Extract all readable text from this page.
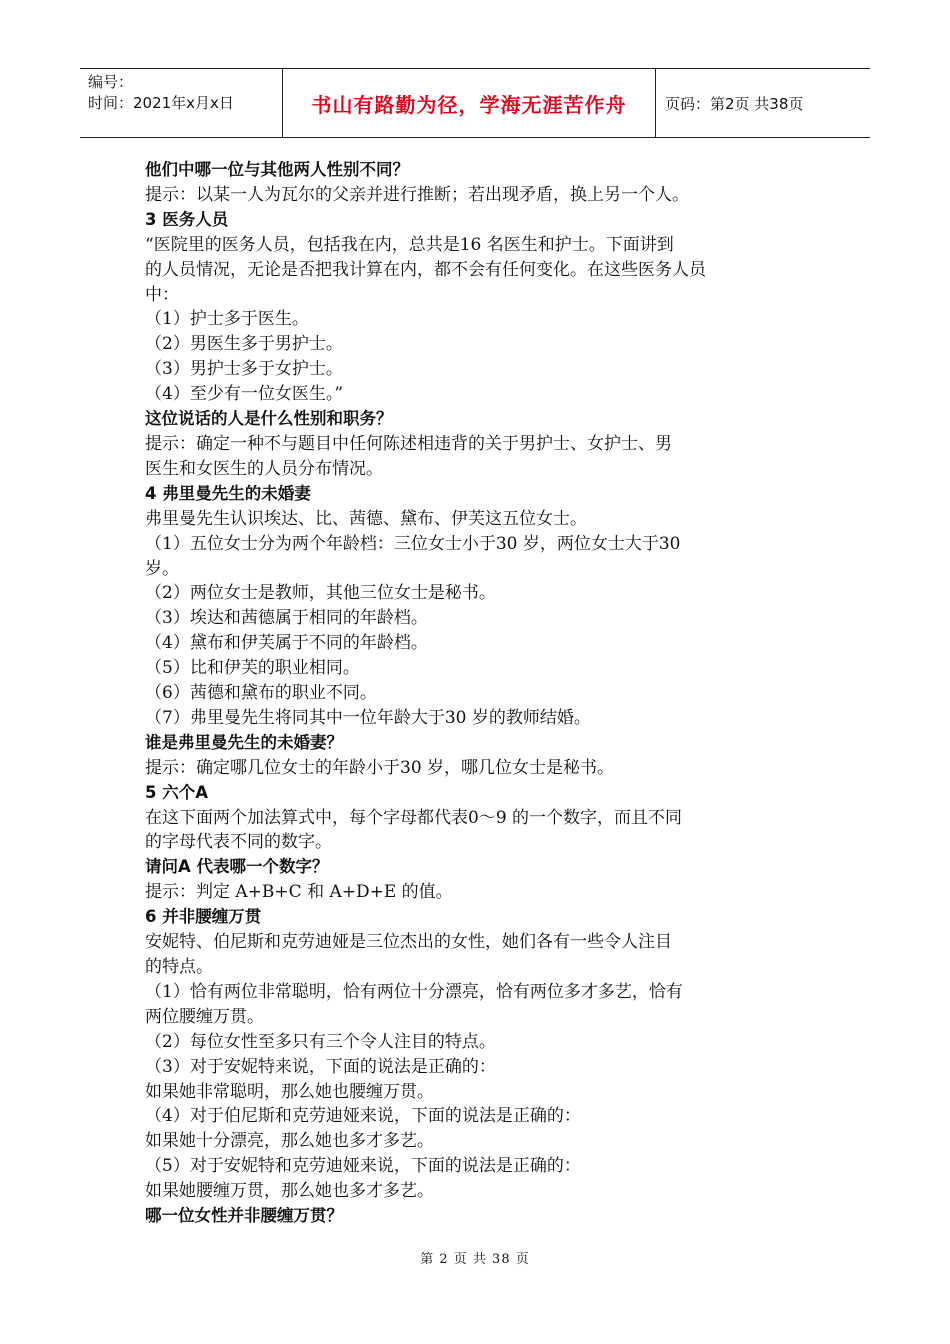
编号：
时间：2021年x月x日	书山有路勤为径，学海无涯苦作舟	页码：第2页 共38页
他们中哪一位与其他两人性别不同？
提示：以某一人为瓦尔的父亲并进行推断；若出现矛盾，换上另一个人。
3 医务人员
“医院里的医务人员，包括我在内，总共是16 名医生和护士。下面讲到
的人员情况，无论是否把我计算在内，都不会有任何变化。在这些医务人员
中：
（1）护士多于医生。
（2）男医生多于男护士。
（3）男护士多于女护士。
（4）至少有一位女医生。”
这位说话的人是什么性别和职务？
提示：确定一种不与题目中任何陈述相违背的关于男护士、女护士、男
医生和女医生的人员分布情况。
4 弗里曼先生的未婚妻
弗里曼先生认识埃达、比、茜德、黛布、伊芙这五位女士。
（1）五位女士分为两个年龄档：三位女士小于30 岁，两位女士大于30
岁。
（2）两位女士是教师，其他三位女士是秘书。
（3）埃达和茜德属于相同的年龄档。
（4）黛布和伊芙属于不同的年龄档。
（5）比和伊芙的职业相同。
（6）茜德和黛布的职业不同。
（7）弗里曼先生将同其中一位年龄大于30 岁的教师结婚。
谁是弗里曼先生的未婚妻？
提示：确定哪几位女士的年龄小于30 岁，哪几位女士是秘书。
5 六个A
在这下面两个加法算式中，每个字母都代表0～9 的一个数字，而且不同
的字母代表不同的数字。
请问A 代表哪一个数字？
提示：判定 A+B+C 和 A+D+E 的值。
6 并非腰缠万贯
安妮特、伯尼斯和克劳迪娅是三位杰出的女性，她们各有一些令人注目
的特点。
（1）恰有两位非常聪明，恰有两位十分漂亮，恰有两位多才多艺，恰有
两位腰缠万贯。
（2）每位女性至多只有三个令人注目的特点。
（3）对于安妮特来说，下面的说法是正确的：
如果她非常聪明，那么她也腰缠万贯。
（4）对于伯尼斯和克劳迪娅来说，下面的说法是正确的：
如果她十分漂亮，那么她也多才多艺。
（5）对于安妮特和克劳迪娅来说，下面的说法是正确的：
如果她腰缠万贯，那么她也多才多艺。
哪一位女性并非腰缠万贯？
第 2 页 共 38 页
